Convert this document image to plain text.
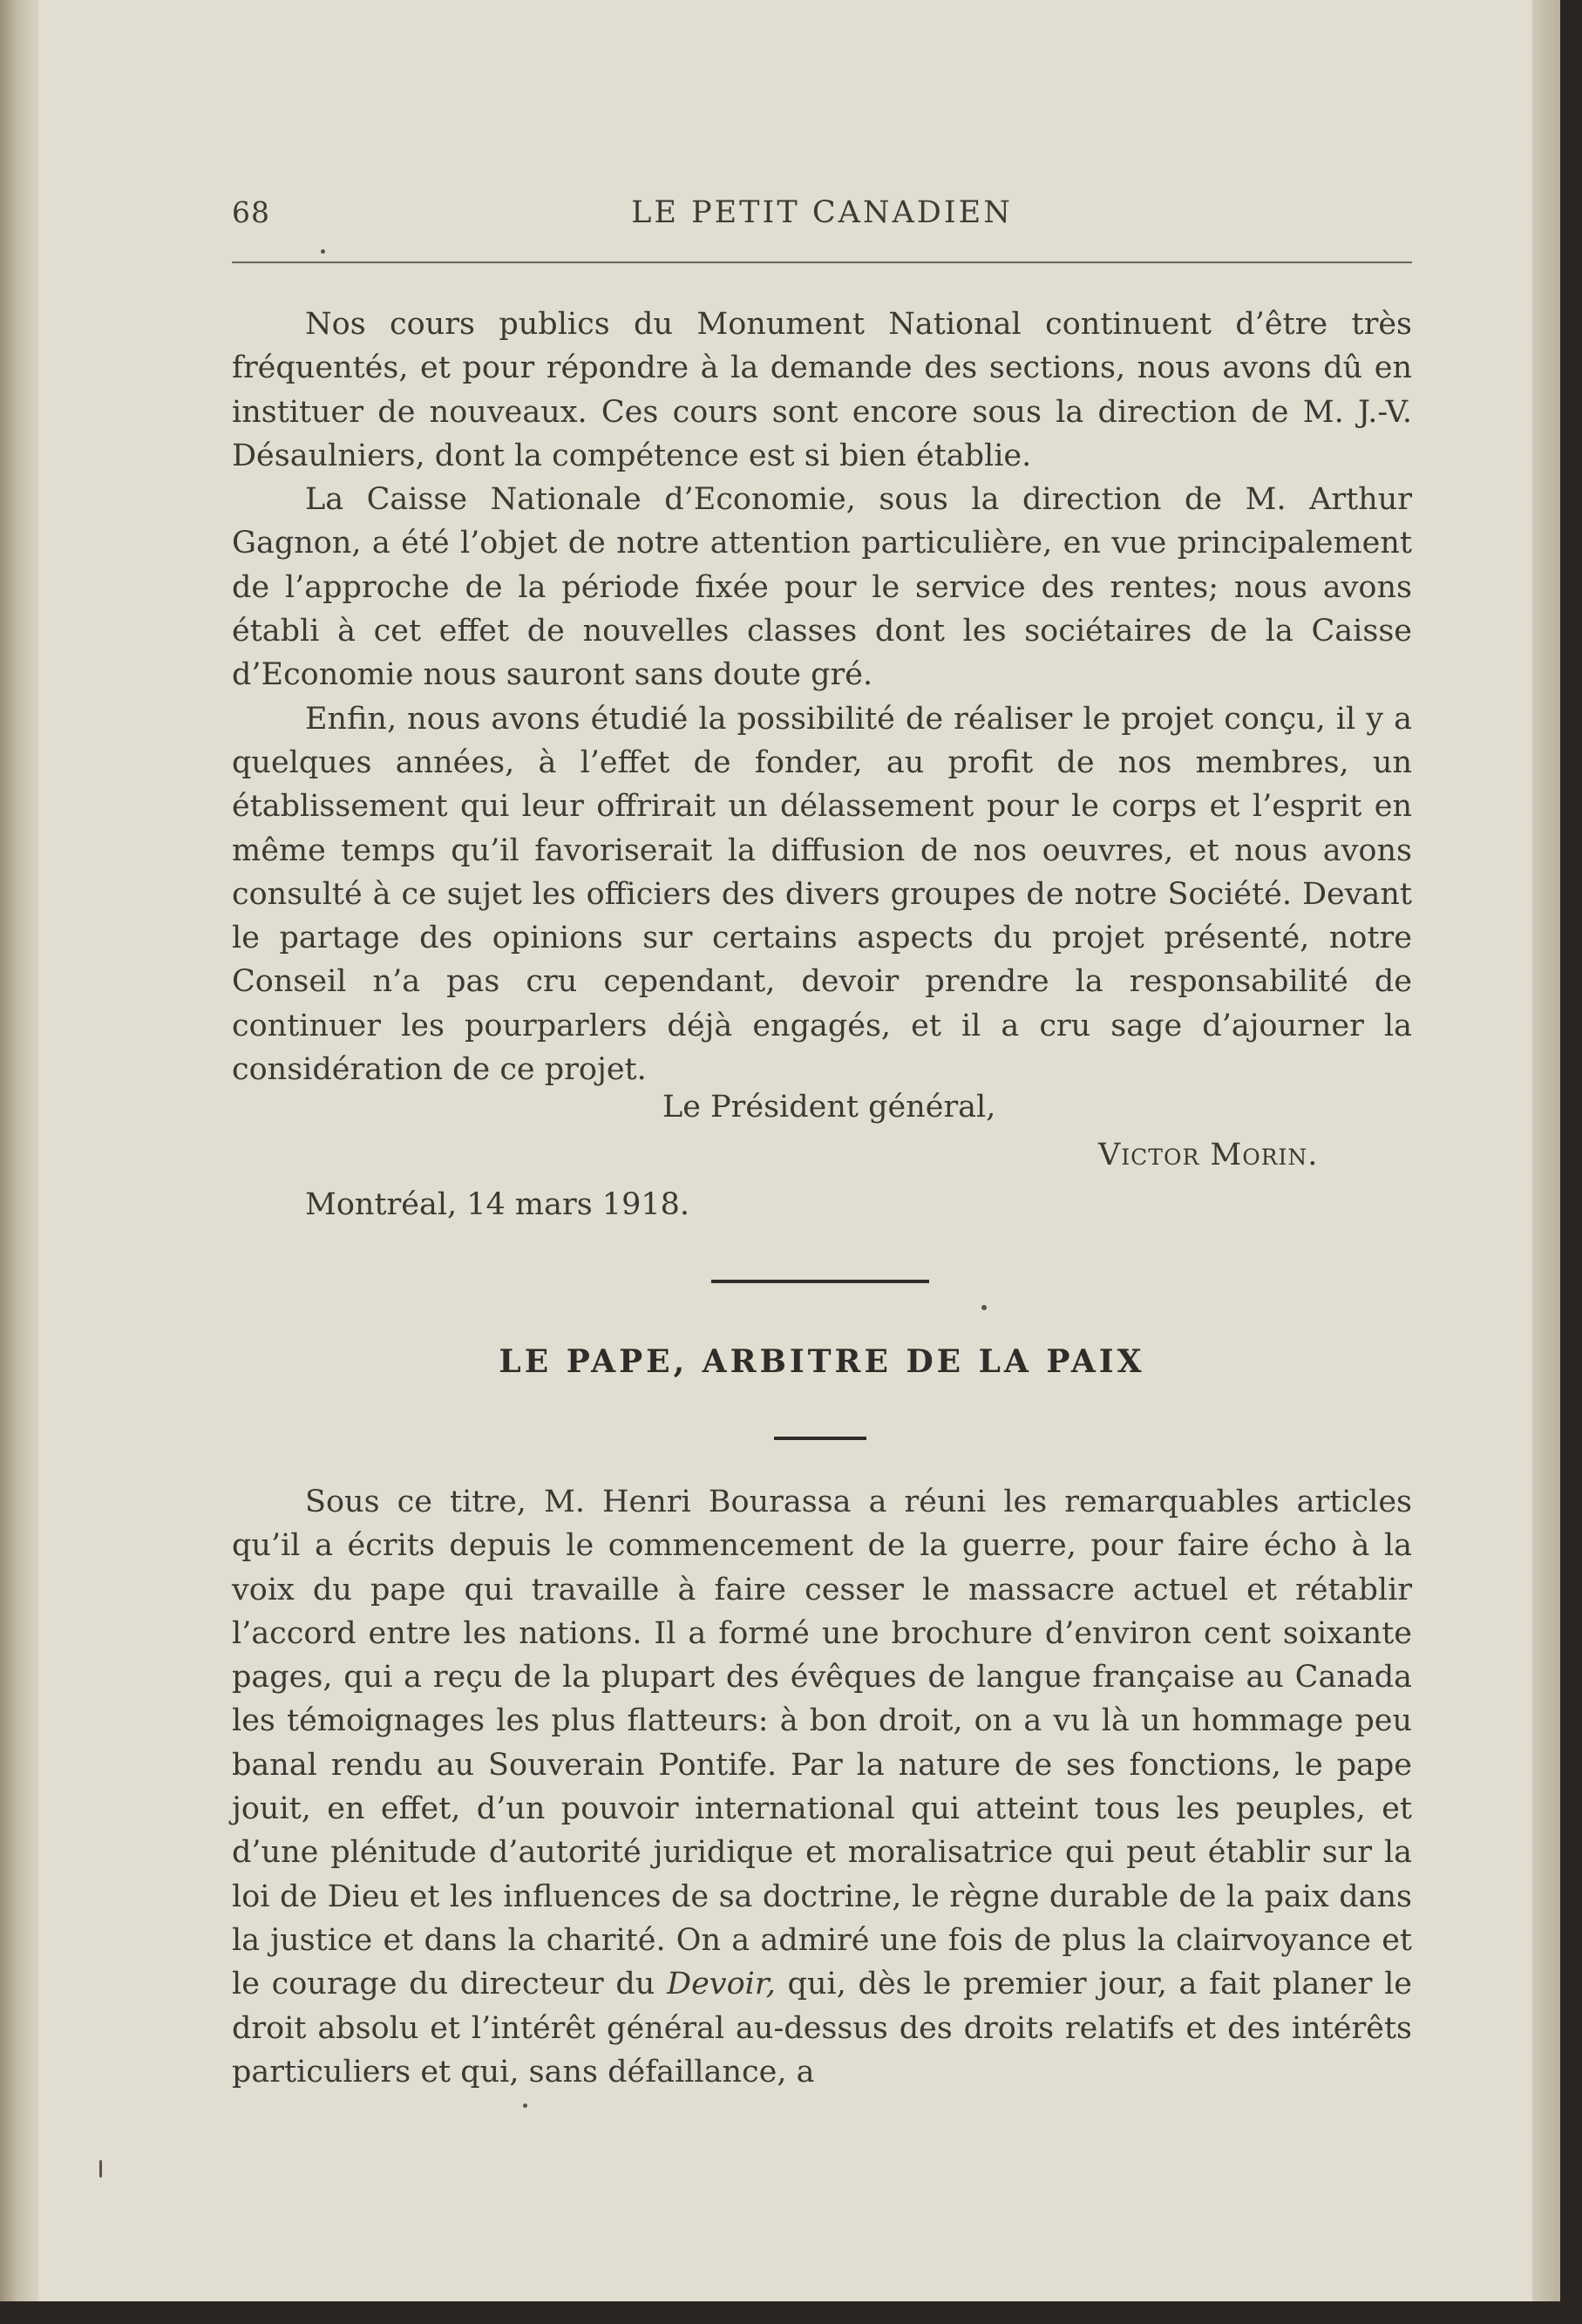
68	LE PETIT CANADIEN

Nos cours publics du Monument National continuent d’être très fréquentés, et pour répondre à la demande des sections, nous avons dû en instituer de nouveaux. Ces cours sont encore sous la direction de M. J.-V. Désaulniers, dont la compétence est si bien établie.

La Caisse Nationale d’Economie, sous la direction de M. Arthur Gagnon, a été l’objet de notre attention particulière, en vue principalement de l’approche de la période fixée pour le service des rentes; nous avons établi à cet effet de nouvelles classes dont les sociétaires de la Caisse d’Economie nous sauront sans doute gré.

Enfin, nous avons étudié la possibilité de réaliser le projet conçu, il y a quelques années, à l’effet de fonder, au profit de nos membres, un établissement qui leur offrirait un délassement pour le corps et l’esprit en même temps qu’il favoriserait la diffusion de nos oeuvres, et nous avons consulté à ce sujet les officiers des divers groupes de notre Société. Devant le partage des opinions sur certains aspects du projet présenté, notre Conseil n’a pas cru cependant, devoir prendre la responsabilité de continuer les pourparlers déjà engagés, et il a cru sage d’ajourner la considération de ce projet.

Le Président général,
Victor Morin.
Montréal, 14 mars 1918.
LE PAPE, ARBITRE DE LA PAIX

Sous ce titre, M. Henri Bourassa a réuni les remarquables articles qu’il a écrits depuis le commencement de la guerre, pour faire écho à la voix du pape qui travaille à faire cesser le massacre actuel et rétablir l’accord entre les nations. Il a formé une brochure d’environ cent soixante pages, qui a reçu de la plupart des évêques de langue française au Canada les témoignages les plus flatteurs: à bon droit, on a vu là un hommage peu banal rendu au Souverain Pontife. Par la nature de ses fonctions, le pape jouit, en effet, d’un pouvoir international qui atteint tous les peuples, et d’une plénitude d’autorité juridique et moralisatrice qui peut établir sur la loi de Dieu et les influences de sa doctrine, le règne durable de la paix dans la justice et dans la charité. On a admiré une fois de plus la clairvoyance et le courage du directeur du Devoir, qui, dès le premier jour, a fait planer le droit absolu et l’intérêt général au-dessus des droits relatifs et des intérêts particuliers et qui, sans défaillance, a
